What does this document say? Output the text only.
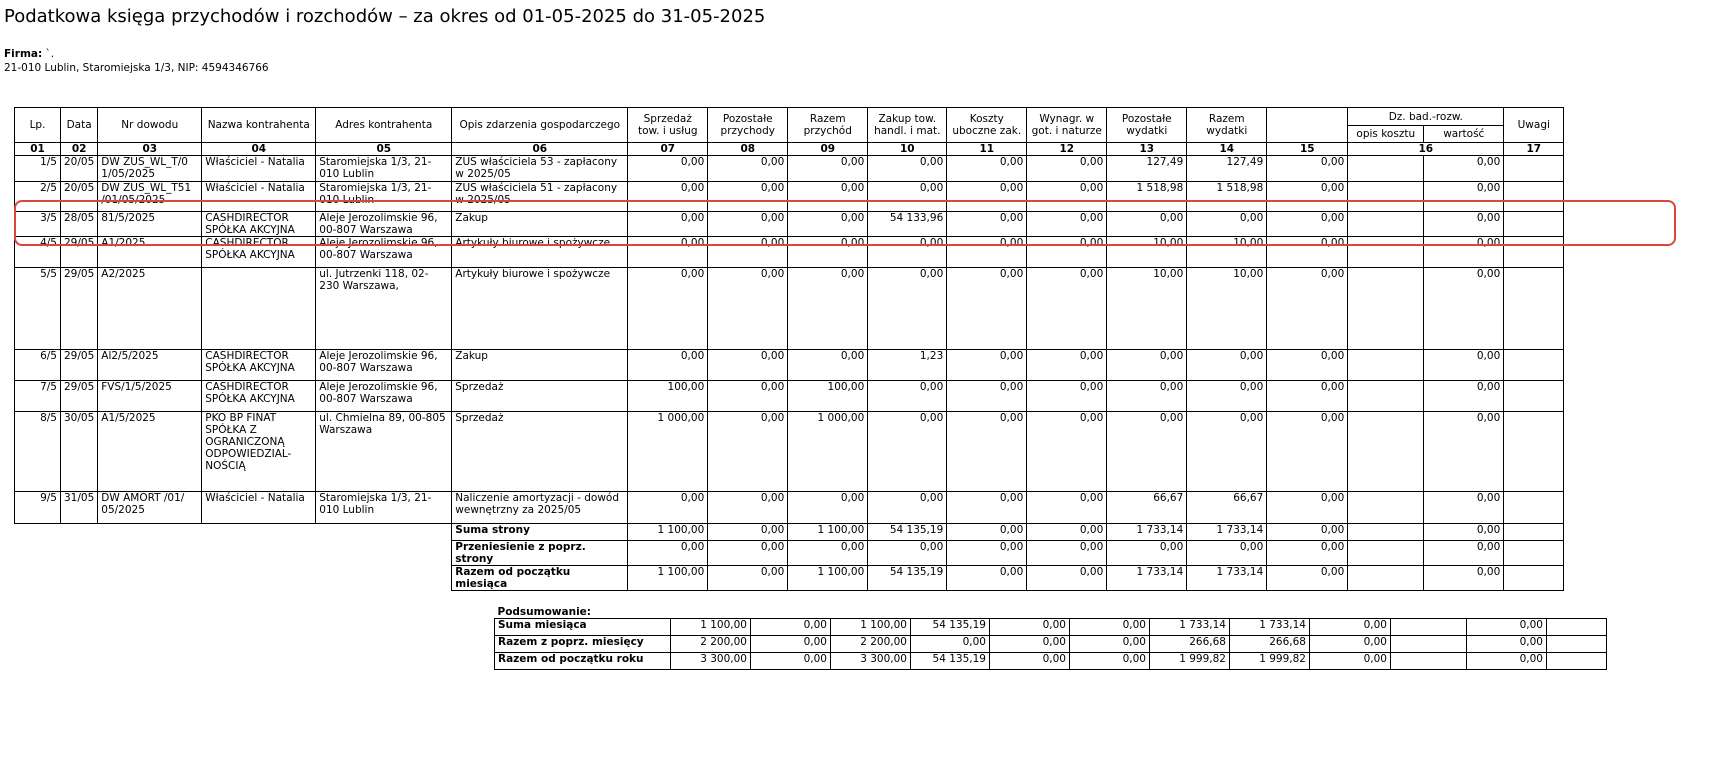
Podatkowa księga przychodów i rozchodów – za okres od 01-05-2025 do 31-05-2025
Firma: `.
21-010 Lublin, Staromiejska 1/3, NIP: 4594346766
Lp.	Data	Nr dowodu	Nazwa kontrahenta	Adres kontrahenta	Opis zdarzenia gospodarczego	Sprzedaż tow. i usług	Pozostałe przychody	Razem przychód	Zakup tow. handl. i mat.	Koszty uboczne zak.	Wynagr. w got. i naturze	Pozostałe wydatki	Razem wydatki		Dz. bad.-rozw.		Uwagi
															opis kosztu	wartość	
01	02	03	04	05	06	07	08	09	10	11	12	13	14	15	16		17
1/5	20/05	DW ZUS_WL_T/0 1/05/2025	Właściciel - Natalia	Staromiejska 1/3, 21-010 Lublin	ZUS właściciela 53 - zapłacony w 2025/05	0,00	0,00	0,00	0,00	0,00	0,00	127,49	127,49	0,00		0,00	
2/5	20/05	DW ZUS_WL_T51 /01/05/2025	Właściciel - Natalia	Staromiejska 1/3, 21-010 Lublin	ZUS właściciela 51 - zapłacony w 2025/05	0,00	0,00	0,00	0,00	0,00	0,00	1 518,98	1 518,98	0,00		0,00	
3/5	28/05	81/5/2025	CASHDIRECTOR SPÓŁKA AKCYJNA	Aleje Jerozolimskie 96, 00-807 Warszawa	Zakup	0,00	0,00	0,00	54 133,96	0,00	0,00	0,00	0,00	0,00		0,00	
4/5	29/05	A1/2025	CASHDIRECTOR SPÓŁKA AKCYJNA	Aleje Jerozolimskie 96, 00-807 Warszawa	Artykuły biurowe i spożywcze	0,00	0,00	0,00	0,00	0,00	0,00	10,00	10,00	0,00		0,00	
5/5	29/05	A2/2025		ul. Jutrzenki 118, 02-230 Warszawa,	Artykuły biurowe i spożywcze	0,00	0,00	0,00	0,00	0,00	0,00	10,00	10,00	0,00		0,00	
6/5	29/05	Al2/5/2025	CASHDIRECTOR SPÓŁKA AKCYJNA	Aleje Jerozolimskie 96, 00-807 Warszawa	Zakup	0,00	0,00	0,00	1,23	0,00	0,00	0,00	0,00	0,00		0,00	
7/5	29/05	FVS/1/5/2025	CASHDIRECTOR SPÓŁKA AKCYJNA	Aleje Jerozolimskie 96, 00-807 Warszawa	Sprzedaż	100,00	0,00	100,00	0,00	0,00	0,00	0,00	0,00	0,00		0,00	
8/5	30/05	A1/5/2025	PKO BP FINAT SPÓŁKA Z OGRANICZONĄ ODPOWIEDZIAL-NOŚCIĄ	ul. Chmielna 89, 00-805 Warszawa	Sprzedaż	1 000,00	0,00	1 000,00	0,00	0,00	0,00	0,00	0,00	0,00		0,00	
9/5	31/05	DW AMORT /01/ 05/2025	Właściciel - Natalia	Staromiejska 1/3, 21-010 Lublin	Naliczenie amortyzacji - dowód wewnętrzny za 2025/05	0,00	0,00	0,00	0,00	0,00	0,00	66,67	66,67	0,00		0,00	
					Suma strony	1 100,00	0,00	1 100,00	54 135,19	0,00	0,00	1 733,14	1 733,14	0,00		0,00	
					Przeniesienie z poprz. strony	0,00	0,00	0,00	0,00	0,00	0,00	0,00	0,00	0,00		0,00	
					Razem od początku miesiąca	1 100,00	0,00	1 100,00	54 135,19	0,00	0,00	1 733,14	1 733,14	0,00		0,00	
Podsumowanie:												
Suma miesiąca	1 100,00	0,00	1 100,00	54 135,19	0,00	0,00	1 733,14	1 733,14	0,00		0,00	
Razem z poprz. miesięcy	2 200,00	0,00	2 200,00	0,00	0,00	0,00	266,68	266,68	0,00		0,00	
Razem od początku roku	3 300,00	0,00	3 300,00	54 135,19	0,00	0,00	1 999,82	1 999,82	0,00		0,00	
